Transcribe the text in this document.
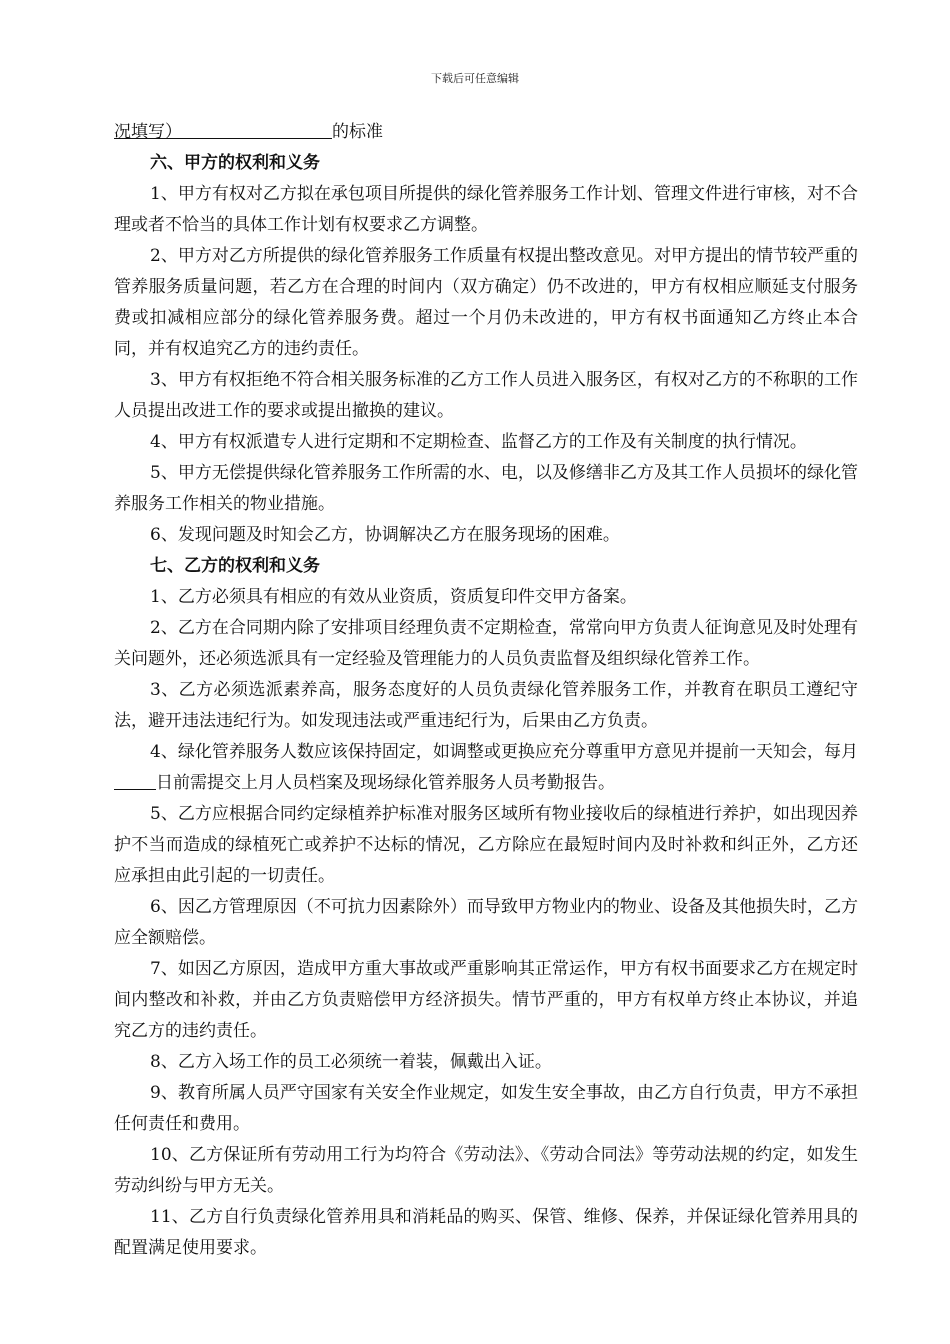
下载后可任意编辑

况填写）	的标准

六、甲方的权利和义务

1、甲方有权对乙方拟在承包项目所提供的绿化管养服务工作计划、管理文件进行审核，对不合理或者不恰当的具体工作计划有权要求乙方调整。

2、甲方对乙方所提供的绿化管养服务工作质量有权提出整改意见。对甲方提出的情节较严重的管养服务质量问题，若乙方在合理的时间内（双方确定）仍不改进的，甲方有权相应顺延支付服务费或扣减相应部分的绿化管养服务费。超过一个月仍未改进的，甲方有权书面通知乙方终止本合同，并有权追究乙方的违约责任。

3、甲方有权拒绝不符合相关服务标准的乙方工作人员进入服务区，有权对乙方的不称职的工作人员提出改进工作的要求或提出撤换的建议。

4、甲方有权派遣专人进行定期和不定期检查、监督乙方的工作及有关制度的执行情况。

5、甲方无偿提供绿化管养服务工作所需的水、电，以及修缮非乙方及其工作人员损坏的绿化管养服务工作相关的物业措施。

6、发现问题及时知会乙方，协调解决乙方在服务现场的困难。

七、乙方的权利和义务

1、乙方必须具有相应的有效从业资质，资质复印件交甲方备案。

2、乙方在合同期内除了安排项目经理负责不定期检查，常常向甲方负责人征询意见及时处理有关问题外，还必须选派具有一定经验及管理能力的人员负责监督及组织绿化管养工作。

3、乙方必须选派素养高，服务态度好的人员负责绿化管养服务工作，并教育在职员工遵纪守法，避开违法违纪行为。如发现违法或严重违纪行为，后果由乙方负责。

4、绿化管养服务人数应该保持固定，如调整或更换应充分尊重甲方意见并提前一天知会，每月日前需提交上月人员档案及现场绿化管养服务人员考勤报告。

5、乙方应根据合同约定绿植养护标准对服务区域所有物业接收后的绿植进行养护，如出现因养护不当而造成的绿植死亡或养护不达标的情况，乙方除应在最短时间内及时补救和纠正外，乙方还应承担由此引起的一切责任。

6、因乙方管理原因（不可抗力因素除外）而导致甲方物业内的物业、设备及其他损失时，乙方应全额赔偿。

7、如因乙方原因，造成甲方重大事故或严重影响其正常运作，甲方有权书面要求乙方在规定时间内整改和补救，并由乙方负责赔偿甲方经济损失。情节严重的，甲方有权单方终止本协议，并追究乙方的违约责任。

8、乙方入场工作的员工必须统一着装，佩戴出入证。

9、教育所属人员严守国家有关安全作业规定，如发生安全事故，由乙方自行负责，甲方不承担任何责任和费用。

10、乙方保证所有劳动用工行为均符合《劳动法》、《劳动合同法》等劳动法规的约定，如发生劳动纠纷与甲方无关。

11、乙方自行负责绿化管养用具和消耗品的购买、保管、维修、保养，并保证绿化管养用具的配置满足使用要求。
